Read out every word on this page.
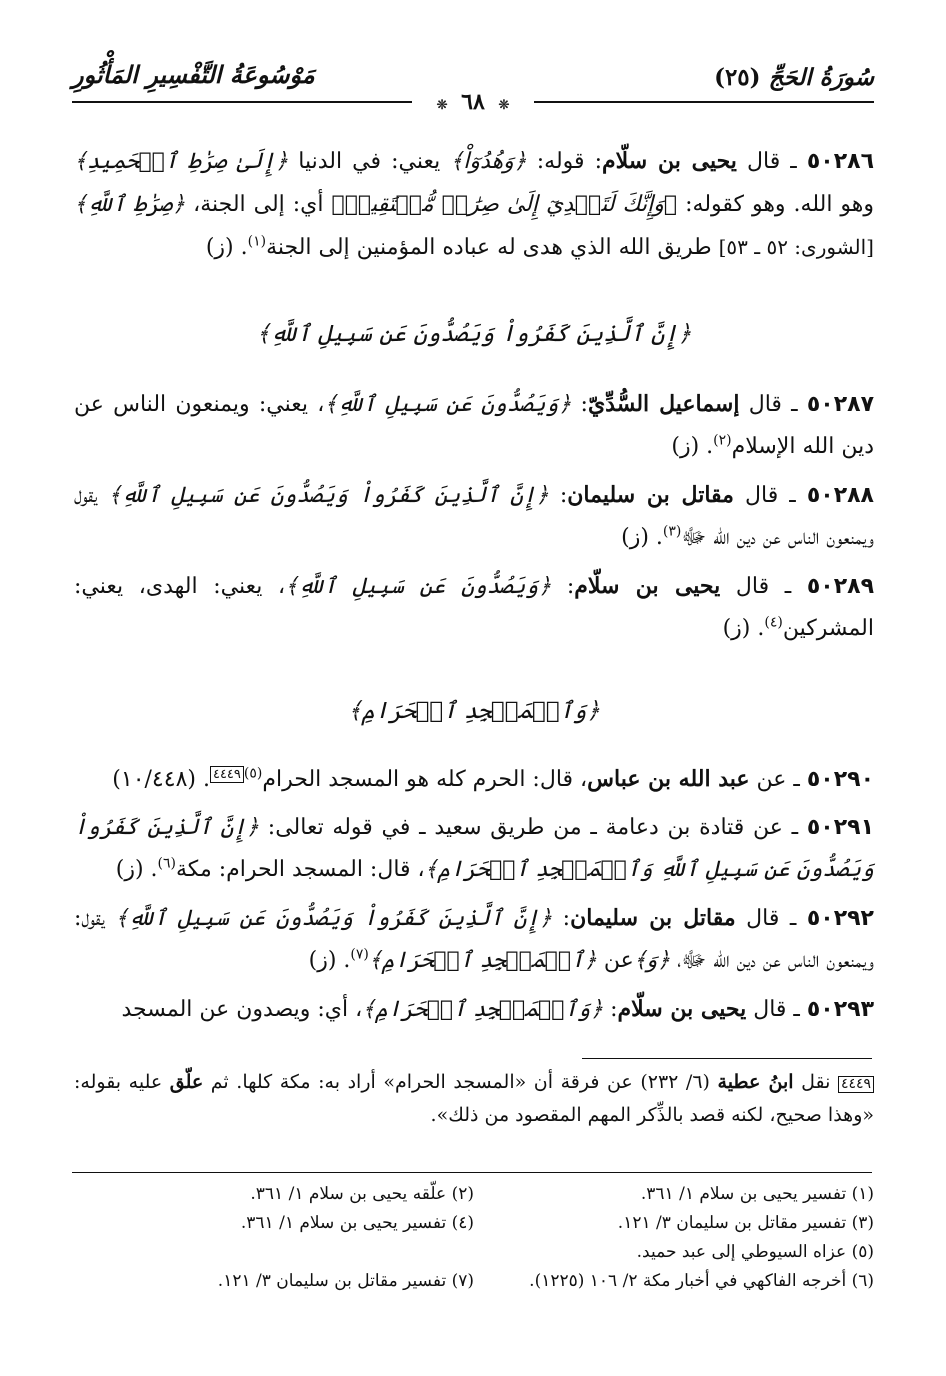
سُورَةُ الحَجِّ (٢٥)
مَوْسُوعَةُ التَّفْسِيرِ المَأْثُورِ
❊ ٦٨ ❊

٥٠٢٨٦ ـ قال يحيى بن سلّام: قوله: ﴿وَهُدُوٓاْ﴾ يعني: في الدنيا ﴿إِلَىٰ صِرَٰطِ ٱلۡحَمِيدِ﴾ وهو الله. وهو كقوله: ﴿وَإِنَّكَ لَتَهۡدِيٓ إِلَىٰ صِرَٰطٖ مُّسۡتَقِيمٖ﴾ أي: إلى الجنة، ﴿صِرَٰطِ ٱللَّهِ﴾ [الشورى: ٥٢ ـ ٥٣] طريق الله الذي هدى له عباده المؤمنين إلى الجنة$^{(١)}$. (ز)

﴿إِنَّ ٱلَّذِينَ كَفَرُواْ وَيَصُدُّونَ عَن سَبِيلِ ٱللَّهِ﴾

٥٠٢٨٧ ـ قال إسماعيل السُّدِّيّ: ﴿وَيَصُدُّونَ عَن سَبِيلِ ٱللَّهِ﴾، يعني: ويمنعون الناس عن دين الله الإسلام$^{(٢)}$. (ز)

٥٠٢٨٨ ـ قال مقاتل بن سليمان: ﴿إِنَّ ٱلَّذِينَ كَفَرُواْ وَيَصُدُّونَ عَن سَبِيلِ ٱللَّهِ﴾ يقول ويمنعون الناس عن دين الله ﷻ$^{(٣)}$. (ز)

٥٠٢٨٩ ـ قال يحيى بن سلّام: ﴿وَيَصُدُّونَ عَن سَبِيلِ ٱللَّهِ﴾، يعني: الهدى، يعني: المشركين$^{(٤)}$. (ز)

﴿وَٱلۡمَسۡجِدِ ٱلۡحَرَامِ﴾

٥٠٢٩٠ ـ عن عبد الله بن عباس، قال: الحرم كله هو المسجد الحرام$^{(٥)}$٤٤٤٩. (١٠/٤٤٨)

٥٠٢٩١ ـ عن قتادة بن دعامة ـ من طريق سعيد ـ في قوله تعالى: ﴿إِنَّ ٱلَّذِينَ كَفَرُواْ وَيَصُدُّونَ عَن سَبِيلِ ٱللَّهِ وَٱلۡمَسۡجِدِ ٱلۡحَرَامِ﴾، قال: المسجد الحرام: مكة$^{(٦)}$. (ز)

٥٠٢٩٢ ـ قال مقاتل بن سليمان: ﴿إِنَّ ٱلَّذِينَ كَفَرُواْ وَيَصُدُّونَ عَن سَبِيلِ ٱللَّهِ﴾ يقول: ويمنعون الناس عن دين الله ﷻ، ﴿وَ﴾عن ﴿ٱلۡمَسۡجِدِ ٱلۡحَرَامِ﴾$^{(٧)}$. (ز)

٥٠٢٩٣ ـ قال يحيى بن سلّام: ﴿وَٱلۡمَسۡجِدِ ٱلۡحَرَامِ﴾، أي: ويصدون عن المسجد

٤٤٤٩ نقل ابنُ عطية (٦/ ٢٣٢) عن فرقة أن «المسجد الحرام» أراد به: مكة كلها. ثم علّق عليه بقوله: «وهذا صحيح، لكنه قصد بالذِّكر المهم المقصود من ذلك».
(١) تفسير يحيى بن سلام ١/ ٣٦١.
(٢) علّقه يحيى بن سلام ١/ ٣٦١.
(٣) تفسير مقاتل بن سليمان ٣/ ١٢١.
(٤) تفسير يحيى بن سلام ١/ ٣٦١.
(٥) عزاه السيوطي إلى عبد حميد.
(٦) أخرجه الفاكهي في أخبار مكة ٢/ ١٠٦ (١٢٢٥).
(٧) تفسير مقاتل بن سليمان ٣/ ١٢١.
